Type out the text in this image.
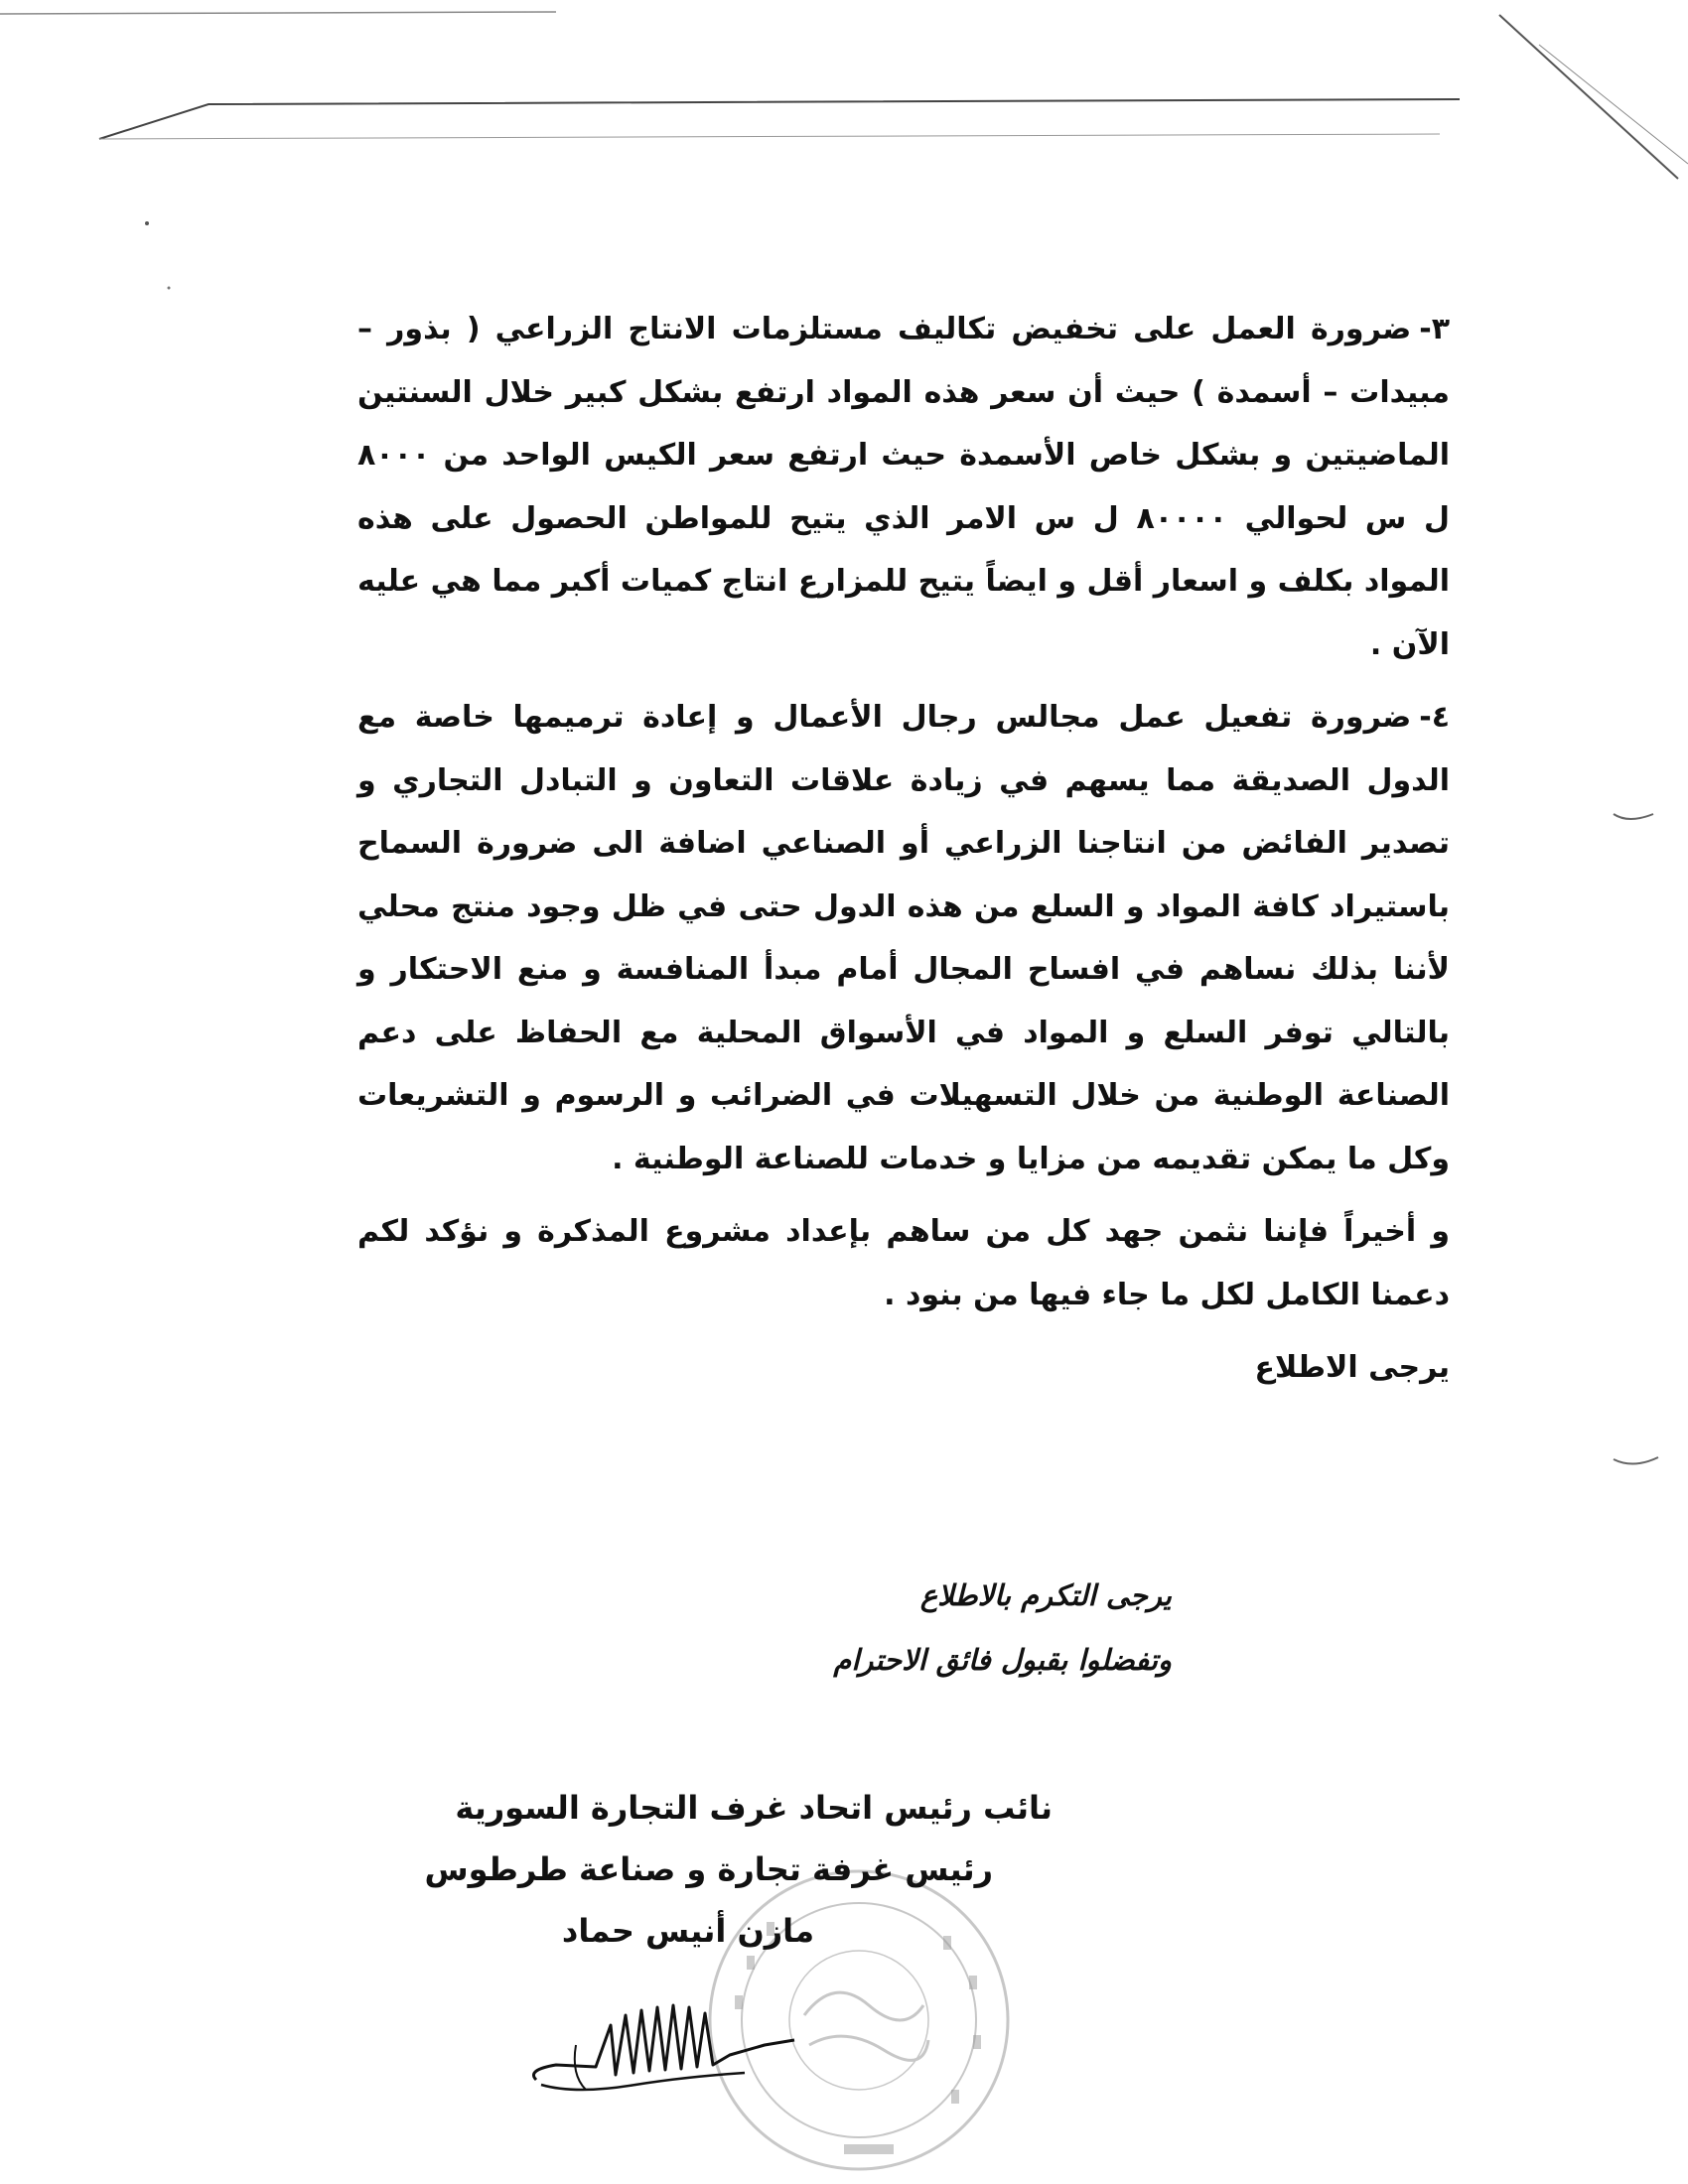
٣-ضرورة العمل على تخفيض تكاليف مستلزمات الانتاج الزراعي ( بذور – مبيدات – أسمدة ) حيث أن سعر هذه المواد ارتفع بشكل كبير خلال السنتين الماضيتين و بشكل خاص الأسمدة حيث ارتفع سعر الكيس الواحد من ٨٠٠٠ ل س لحوالي ٨٠٠٠٠ ل س الامر الذي يتيح للمواطن الحصول على هذه المواد بكلف و اسعار أقل و ايضاً يتيح للمزارع انتاج كميات أكبر مما هي عليه الآن .

٤-ضرورة تفعيل عمل مجالس رجال الأعمال و إعادة ترميمها خاصة مع الدول الصديقة مما يسهم في زيادة علاقات التعاون و التبادل التجاري و تصدير الفائض من انتاجنا الزراعي أو الصناعي اضافة الى ضرورة السماح باستيراد كافة المواد و السلع من هذه الدول حتى في ظل وجود منتج محلي لأننا بذلك نساهم في افساح المجال أمام مبدأ المنافسة و منع الاحتكار و بالتالي توفر السلع و المواد في الأسواق المحلية مع الحفاظ على دعم الصناعة الوطنية من خلال التسهيلات في الضرائب و الرسوم و التشريعات وكل ما يمكن تقديمه من مزايا و خدمات للصناعة الوطنية .

و أخيراً فإننا نثمن جهد كل من ساهم بإعداد مشروع المذكرة و نؤكد لكم دعمنا الكامل لكل ما جاء فيها من بنود .

يرجى الاطلاع

يرجى التكرم بالاطلاع
وتفضلوا بقبول فائق الاحترام
نائب رئيس اتحاد غرف التجارة السورية
رئيس غرفة تجارة و صناعة طرطوس
مازن أنيس حماد
